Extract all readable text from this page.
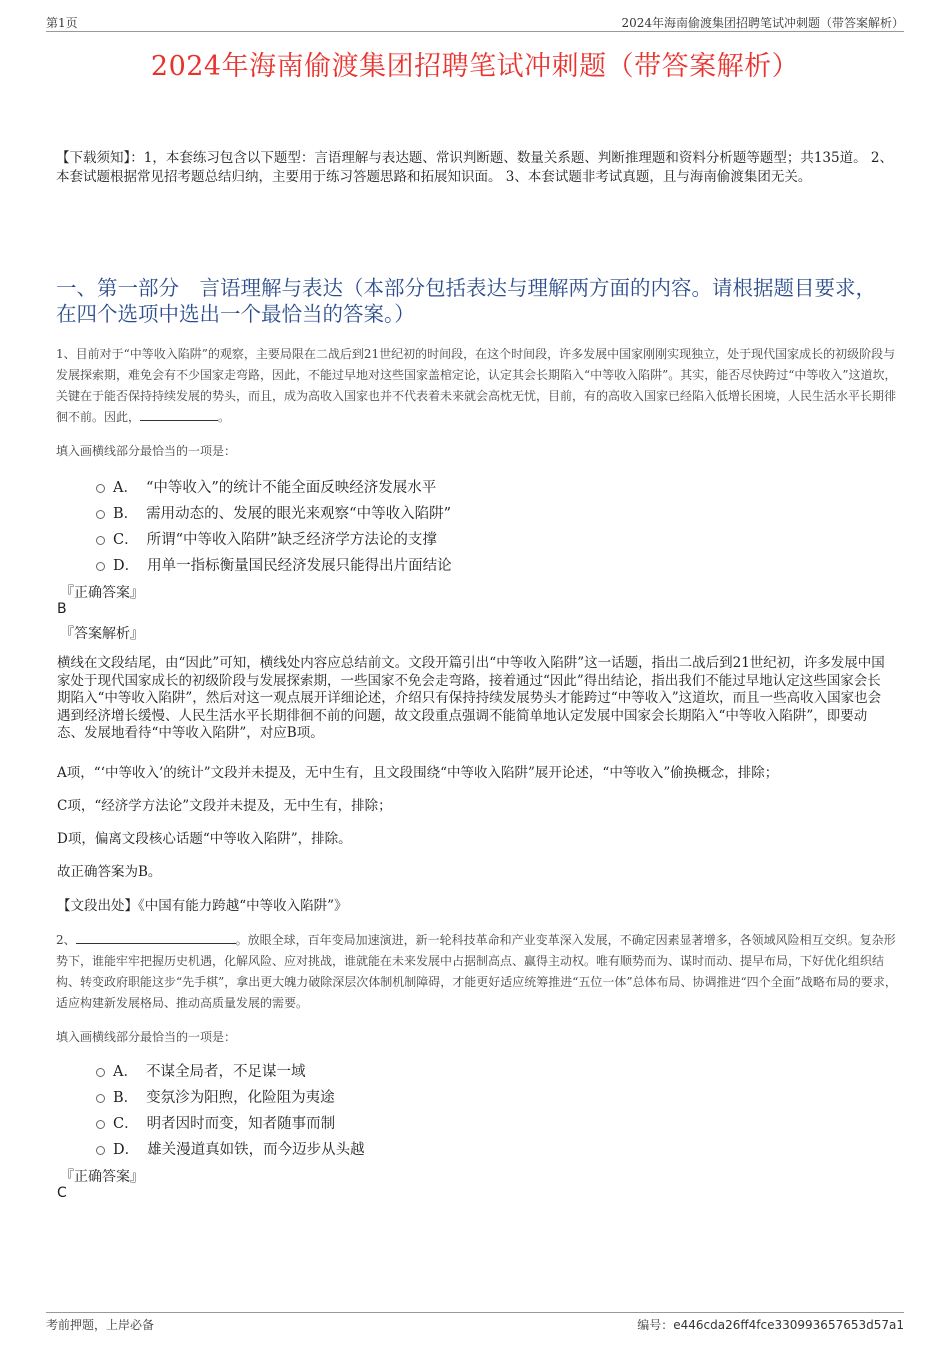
第1页	2024年海南偷渡集团招聘笔试冲刺题（带答案解析）
2024年海南偷渡集团招聘笔试冲刺题（带答案解析）
【下载须知】：1，本套练习包含以下题型：言语理解与表达题、常识判断题、数量关系题、判断推理题和资料分析题等题型；共135道。 2、本套试题根据常见招考题总结归纳，主要用于练习答题思路和拓展知识面。 3、本套试题非考试真题，且与海南偷渡集团无关。
一、第一部分　言语理解与表达（本部分包括表达与理解两方面的内容。请根据题目要求，在四个选项中选出一个最恰当的答案。）
1、目前对于“中等收入陷阱”的观察，主要局限在二战后到21世纪初的时间段，在这个时间段，许多发展中国家刚刚实现独立，处于现代国家成长的初级阶段与发展探索期，难免会有不少国家走弯路，因此，不能过早地对这些国家盖棺定论，认定其会长期陷入“中等收入陷阱”。其实，能否尽快跨过“中等收入”这道坎，关键在于能否保持持续发展的势头，而且，成为高收入国家也并不代表着未来就会高枕无忧，目前，有的高收入国家已经陷入低增长困境，人民生活水平长期徘徊不前。因此，	。
填入画横线部分最恰当的一项是：
A． “中等收入”的统计不能全面反映经济发展水平
B． 需用动态的、发展的眼光来观察“中等收入陷阱”
C． 所谓“中等收入陷阱”缺乏经济学方法论的支撑
D． 用单一指标衡量国民经济发展只能得出片面结论
『正确答案』
B
『答案解析』

横线在文段结尾，由“因此”可知，横线处内容应总结前文。文段开篇引出“中等收入陷阱”这一话题，指出二战后到21世纪初，许多发展中国家处于现代国家成长的初级阶段与发展探索期，一些国家不免会走弯路，接着通过“因此”得出结论，指出我们不能过早地认定这些国家会长期陷入“中等收入陷阱”，然后对这一观点展开详细论述，介绍只有保持持续发展势头才能跨过“中等收入”这道坎，而且一些高收入国家也会遇到经济增长缓慢、人民生活水平长期徘徊不前的问题，故文段重点强调不能简单地认定发展中国家会长期陷入“中等收入陷阱”，即要动态、发展地看待“中等收入陷阱”，对应B项。

A项，“‘中等收入’的统计”文段并未提及，无中生有，且文段围绕“中等收入陷阱”展开论述，“中等收入”偷换概念，排除；

C项，“经济学方法论”文段并未提及，无中生有，排除；

D项，偏离文段核心话题“中等收入陷阱”，排除。

故正确答案为B。

【文段出处】《中国有能力跨越“中等收入陷阱”》

2、	。放眼全球，百年变局加速演进，新一轮科技革命和产业变革深入发展，不确定因素显著增多，各领域风险相互交织。复杂形势下，谁能牢牢把握历史机遇，化解风险、应对挑战，谁就能在未来发展中占据制高点、赢得主动权。唯有顺势而为、谋时而动、提早布局，下好优化组织结构、转变政府职能这步“先手棋”，拿出更大魄力破除深层次体制机制障碍，才能更好适应统筹推进“五位一体”总体布局、协调推进“四个全面”战略布局的要求，适应构建新发展格局、推动高质量发展的需要。
填入画横线部分最恰当的一项是：
A． 不谋全局者，不足谋一域
B． 变氛沴为阳煦，化险阻为夷途
C． 明者因时而变，知者随事而制
D． 雄关漫道真如铁，而今迈步从头越
『正确答案』
C
考前押题，上岸必备	编号：e446cda26ff4fce330993657653d57a1
